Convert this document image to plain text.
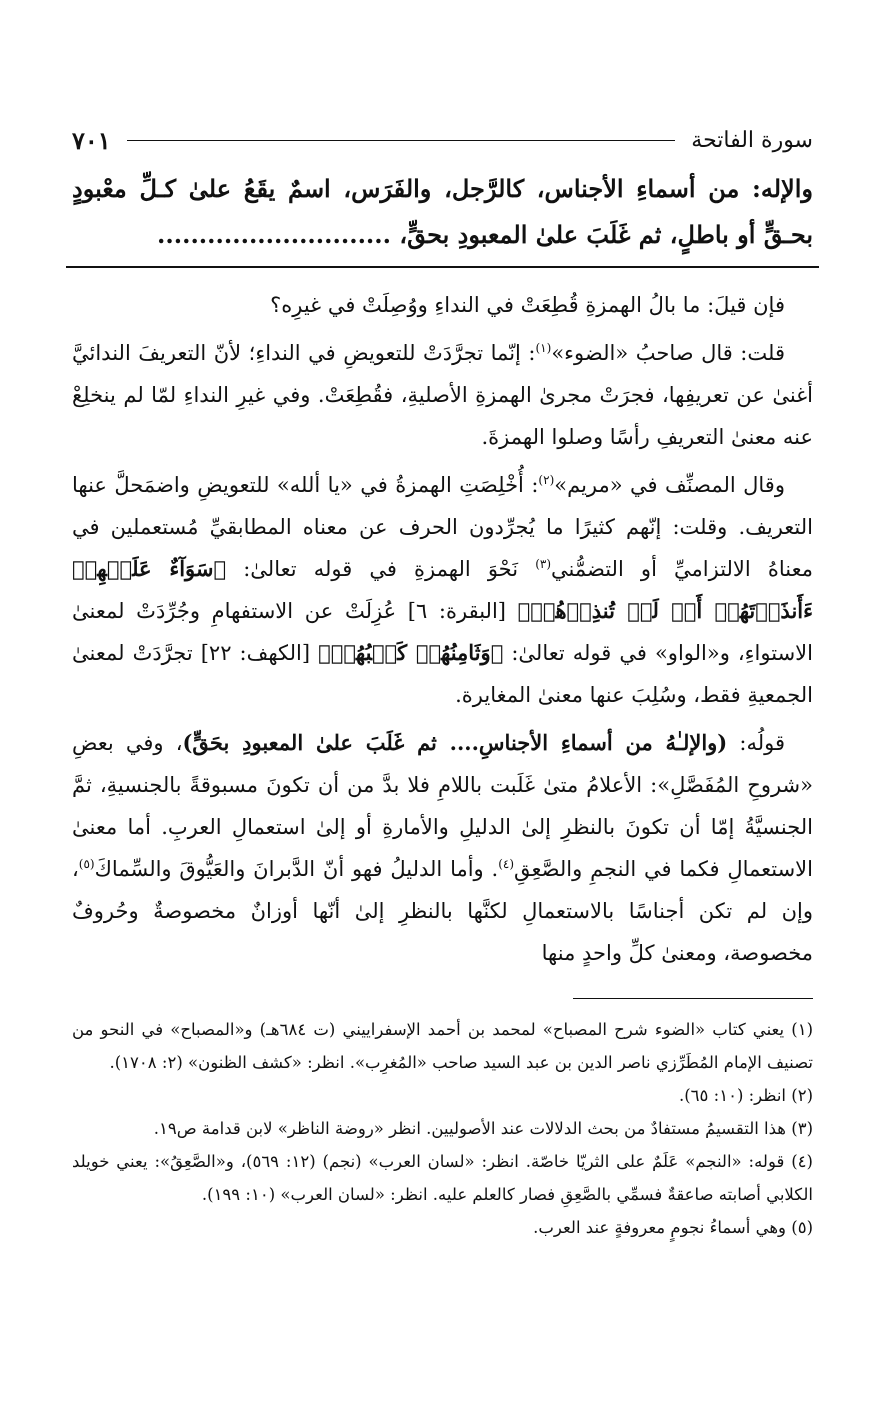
سورة الفاتحة
٧٠١
والإله: من أسماءِ الأجناس، كالرَّجل، والفَرَس، اسمٌ يقَعُ علىٰ كـلِّ معْبودٍ بحـقٍّ أو باطلٍ، ثم غَلَبَ علىٰ المعبودِ بحقٍّ، ............................

فإن قيلَ: ما بالُ الهمزةِ قُطِعَتْ في النداءِ ووُصِلَتْ في غيرِه؟

قلت: قال صاحبُ «الضوء»$^{(١)}$: إنّما تجرَّدَتْ للتعويضِ في النداءِ؛ لأنّ التعريفَ الندائيَّ أغنىٰ عن تعريفِها، فجرَتْ مجرىٰ الهمزةِ الأصليةِ، فقُطِعَتْ. وفي غيرِ النداءِ لمّا لم ينخلِعْ عنه معنىٰ التعريفِ رأسًا وصلوا الهمزةَ.

وقال المصنِّف في «مريم»$^{(٢)}$: أُخْلِصَتِ الهمزةُ في «يا ألله» للتعويضِ واضمَحلَّ عنها التعريف. وقلت: إنّهم كثيرًا ما يُجرِّدون الحرف عن معناه المطابقيِّ مُستعملين في معناهُ الالتزاميِّ أو التضمُّني$^{(٣)}$ نَحْوَ الهمزةِ في قوله تعالىٰ: ﴿سَوَآءٌ عَلَيۡهِمۡ ءَأَنذَرۡتَهُمۡ أَمۡ لَمۡ تُنذِرۡهُمۡ﴾ [البقرة: ٦] عُزِلَتْ عن الاستفهامِ وجُرِّدَتْ لمعنىٰ الاستواءِ، و«الواو» في قوله تعالىٰ: ﴿وَثَامِنُهُمۡ كَلۡبُهُمۡ﴾ [الكهف: ٢٢] تجرَّدَتْ لمعنىٰ الجمعيةِ فقط، وسُلِبَ عنها معنىٰ المغايرة.

قولُه: (والإلـٰهُ من أسماءِ الأجناسِ.... ثم غَلَبَ علىٰ المعبودِ بحَقٍّ)، وفي بعضِ «شروحِ المُفَصَّلِ»: الأعلامُ متىٰ غَلَبت باللامِ فلا بدَّ من أن تكونَ مسبوقةً بالجنسيةِ، ثمَّ الجنسيَّةُ إمّا أن تكونَ بالنظرِ إلىٰ الدليلِ والأمارةِ أو إلىٰ استعمالِ العربِ. أما معنىٰ الاستعمالِ فكما في النجمِ والصَّعِقِ$^{(٤)}$. وأما الدليلُ فهو أنّ الدَّبرانَ والعَيُّوقَ والسِّماكَ$^{(٥)}$، وإن لم تكن أجناسًا بالاستعمالِ لكنَّها بالنظرِ إلىٰ أنّها أوزانٌ مخصوصةٌ وحُروفٌ مخصوصة، ومعنىٰ كلِّ واحدٍ منها

(١) يعني كتاب «الضوء شرح المصباح» لمحمد بن أحمد الإسفراييني (ت ٦٨٤هـ) و«المصباح» في النحو من تصنيف الإمام المُطَرِّزي ناصر الدين بن عبد السيد صاحب «المُغرِب». انظر: «كشف الظنون» (٢: ١٧٠٨).

(٢) انظر: (١٠: ٦٥).

(٣) هذا التقسيمُ مستفادٌ من بحث الدلالات عند الأصوليين. انظر «روضة الناظر» لابن قدامة ص١٩.

(٤) قوله: «النجم» عَلَمٌ على الثريّا خاصّة. انظر: «لسان العرب» (نجم) (١٢: ٥٦٩)، و«الصَّعِقُ»: يعني خويلد الكلابي أصابته صاعقةٌ فسمِّي بالصَّعِقِ فصار كالعلم عليه. انظر: «لسان العرب» (١٠: ١٩٩).

(٥) وهي أسماءُ نجومٍ معروفةٍ عند العرب.
